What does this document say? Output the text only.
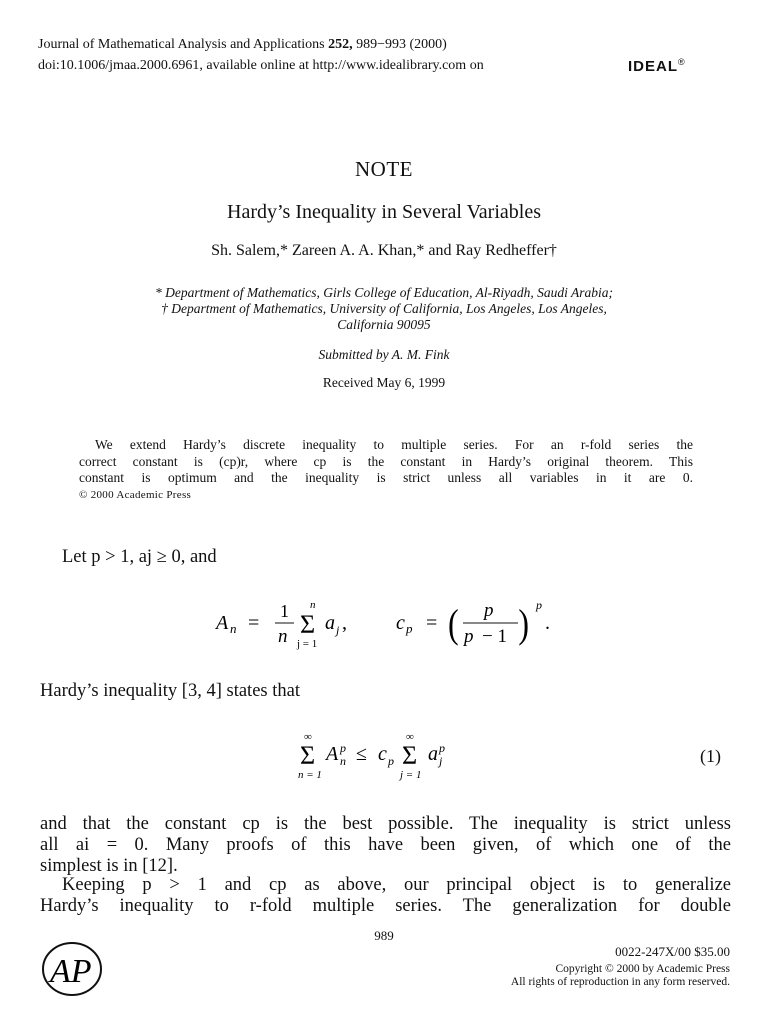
Journal of Mathematical Analysis and Applications 252, 989−993 (2000)
doi:10.1006/jmaa.2000.6961, available online at http://www.idealibrary.com on	IDEAL®
NOTE
Hardy’s Inequality in Several Variables
Sh. Salem,* Zareen A. A. Khan,* and Ray Redheffer†
* Department of Mathematics, Girls College of Education, Al-Riyadh, Saudi Arabia;
† Department of Mathematics, University of California, Los Angeles, Los Angeles,
California 90095
Submitted by A. M. Fink
Received May 6, 1999

We extend Hardy’s discrete inequality to multiple series. For an r-fold series the

correct constant is (cp)r, where cp is the constant in Hardy’s original theorem. This

constant is optimum and the inequality is strict unless all variables in it are 0.

© 2000 Academic Press

Let p > 1, aj ≥ 0, and
A n =
1
n
n
Σ
j = 1
a j , c p = ( p
p − 1 ) p
.
Hardy’s inequality [3, 4] states that
∞
Σ
n = 1
A p
n ≤ c p
∞
Σ
j = 1
a p
j	(1)
and that the constant cp is the best possible. The inequality is strict unless
all ai = 0. Many proofs of this have been given, of which one of the
simplest is in [12].
Keeping p > 1 and cp as above, our principal object is to generalize
Hardy’s inequality to r-fold multiple series. The generalization for double
989
AP
0022-247X/00 $35.00
Copyright © 2000 by Academic Press
All rights of reproduction in any form reserved.
